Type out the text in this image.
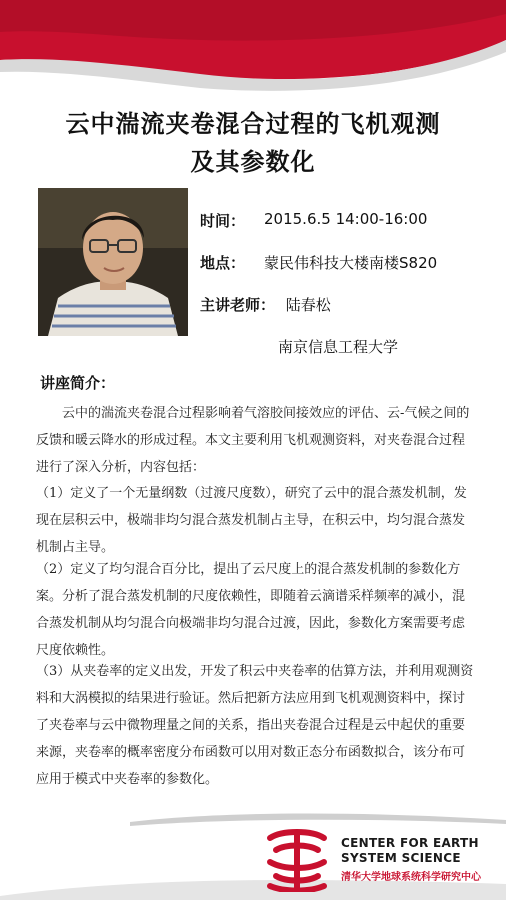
云中湍流夹卷混合过程的飞机观测
及其参数化
时间： 2015.6.5 14:00-16:00
地点： 蒙民伟科技大楼南楼S820
主讲老师： 陆春松
南京信息工程大学
讲座简介：
云中的湍流夹卷混合过程影响着气溶胶间接效应的评估、云-气候之间的反馈和暖云降水的形成过程。本文主要利用飞机观测资料，对夹卷混合过程进行了深入分析，内容包括：
（1）定义了一个无量纲数（过渡尺度数），研究了云中的混合蒸发机制，发现在层积云中，极端非均匀混合蒸发机制占主导，在积云中，均匀混合蒸发机制占主导。
（2）定义了均匀混合百分比，提出了云尺度上的混合蒸发机制的参数化方案。分析了混合蒸发机制的尺度依赖性，即随着云滴谱采样频率的减小，混合蒸发机制从均匀混合向极端非均匀混合过渡，因此，参数化方案需要考虑尺度依赖性。
（3）从夹卷率的定义出发，开发了积云中夹卷率的估算方法，并利用观测资料和大涡模拟的结果进行验证。然后把新方法应用到飞机观测资料中，探讨了夹卷率与云中微物理量之间的关系，指出夹卷混合过程是云中起伏的重要来源，夹卷率的概率密度分布函数可以用对数正态分布函数拟合，该分布可应用于模式中夹卷率的参数化。
CENTER FOR EARTH
SYSTEM SCIENCE
清华大学地球系统科学研究中心
